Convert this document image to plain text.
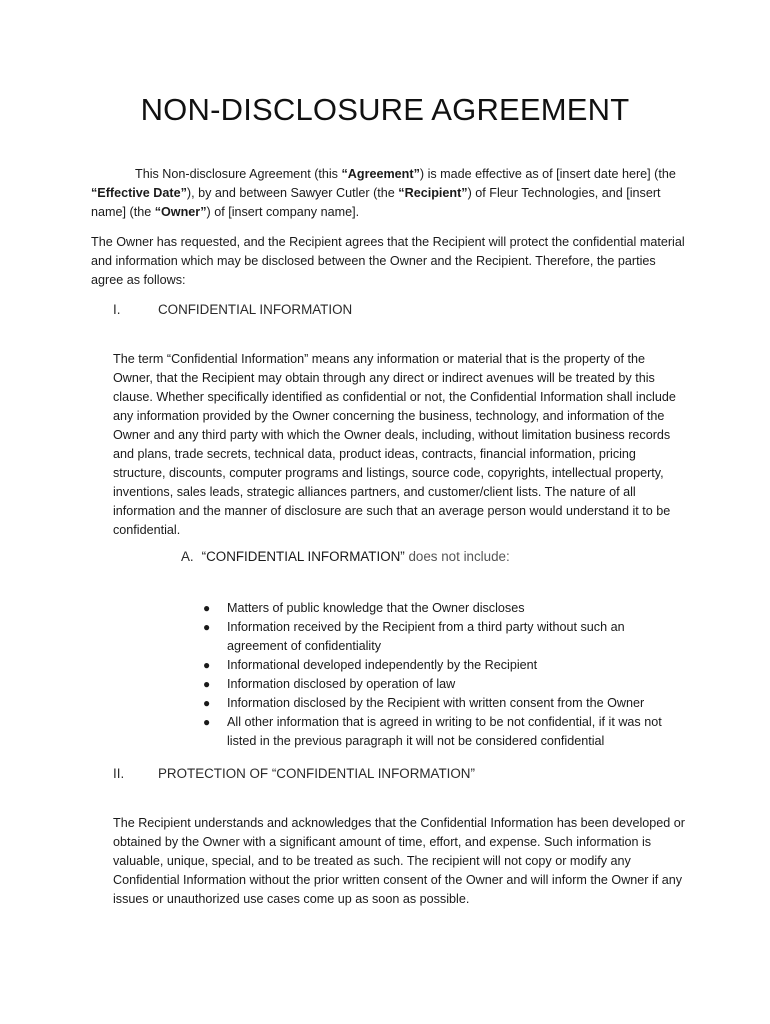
NON-DISCLOSURE AGREEMENT

This Non-disclosure Agreement (this “Agreement”) is made effective as of [insert date here] (the “Effective Date”), by and between Sawyer Cutler (the “Recipient”) of Fleur Technologies, and [insert name] (the “Owner”) of [insert company name].

The Owner has requested, and the Recipient agrees that the Recipient will protect the confidential material and information which may be disclosed between the Owner and the Recipient. Therefore, the parties agree as follows:

I.	CONFIDENTIAL INFORMATION

The term “Confidential Information” means any information or material that is the property of the Owner, that the Recipient may obtain through any direct or indirect avenues will be treated by this clause. Whether specifically identified as confidential or not, the Confidential Information shall include any information provided by the Owner concerning the business, technology, and information of the Owner and any third party with which the Owner deals, including, without limitation business records and plans, trade secrets, technical data, product ideas, contracts, financial information, pricing structure, discounts, computer programs and listings, source code, copyrights, intellectual property, inventions, sales leads, strategic alliances partners, and customer/client lists. The nature of all information and the manner of disclosure are such that an average person would understand it to be confidential.

A. “CONFIDENTIAL INFORMATION” does not include:
● Matters of public knowledge that the Owner discloses
● Information received by the Recipient from a third party without such an agreement of confidentiality
● Informational developed independently by the Recipient
● Information disclosed by operation of law
● Information disclosed by the Recipient with written consent from the Owner
● All other information that is agreed in writing to be not confidential, if it was not listed in the previous paragraph it will not be considered confidential
II.	PROTECTION OF “CONFIDENTIAL INFORMATION”

The Recipient understands and acknowledges that the Confidential Information has been developed or obtained by the Owner with a significant amount of time, effort, and expense. Such information is valuable, unique, special, and to be treated as such. The recipient will not copy or modify any Confidential Information without the prior written consent of the Owner and will inform the Owner if any issues or unauthorized use cases come up as soon as possible.
